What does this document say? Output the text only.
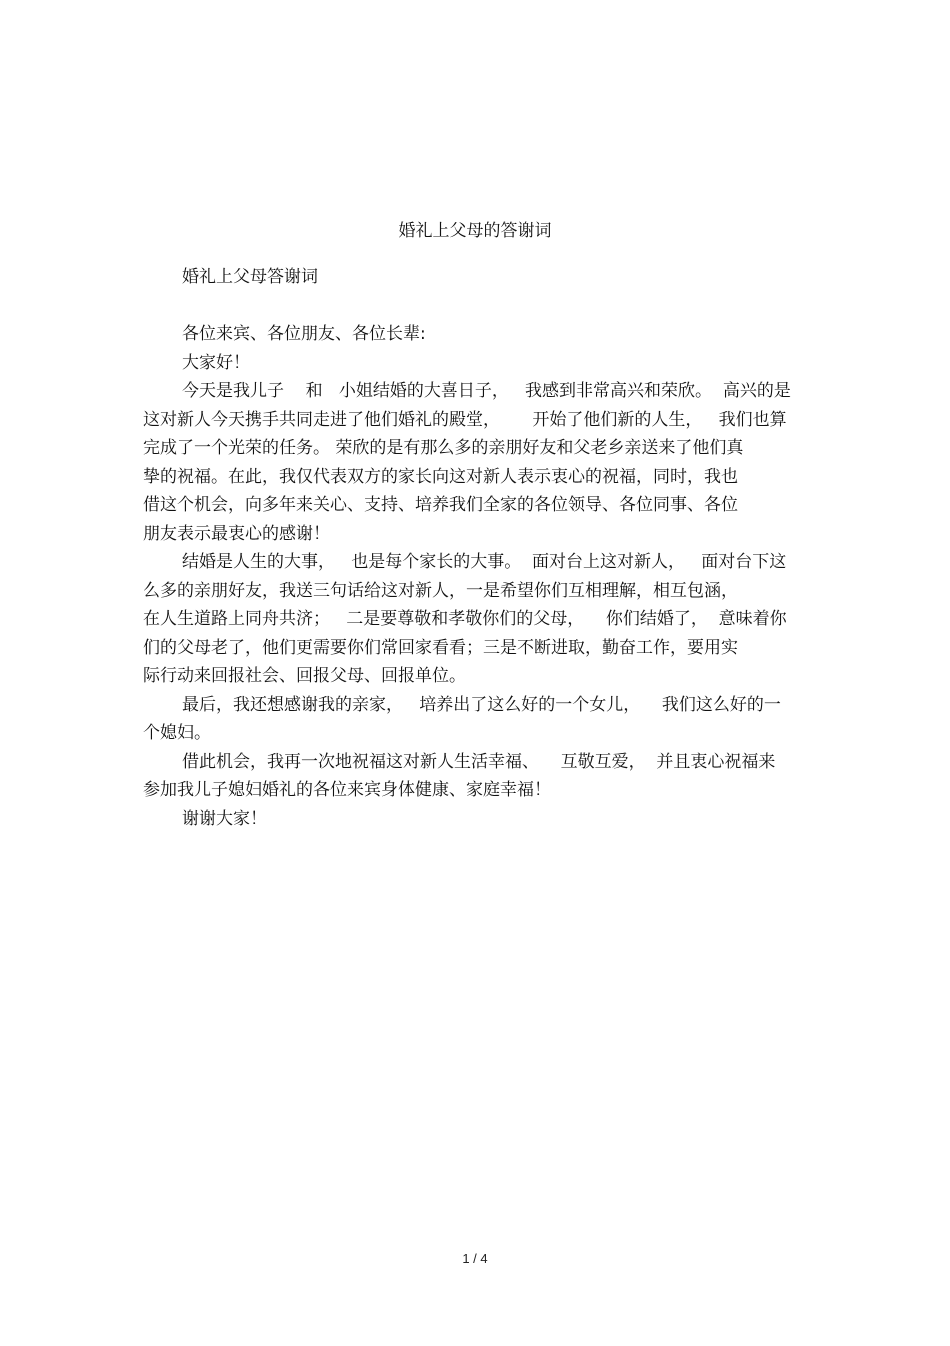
婚礼上父母的答谢词
婚礼上父母答谢词
各位来宾、各位朋友、各位长辈:
大家好！
今天是我儿子    和   小姐结婚的大喜日子，   我感到非常高兴和荣欣。  高兴的是
这对新人今天携手共同走进了他们婚礼的殿堂，      开始了他们新的人生，   我们也算
完成了一个光荣的任务。 荣欣的是有那么多的亲朋好友和父老乡亲送来了他们真
挚的祝福。在此，我仅代表双方的家长向这对新人表示衷心的祝福，同时，我也
借这个机会，向多年来关心、支持、培养我们全家的各位领导、各位同事、各位
朋友表示最衷心的感谢！
结婚是人生的大事，   也是每个家长的大事。  面对台上这对新人，   面对台下这
么多的亲朋好友，我送三句话给这对新人，一是希望你们互相理解，相互包涵，
在人生道路上同舟共济；   二是要尊敬和孝敬你们的父母，    你们结婚了，  意味着你
们的父母老了，他们更需要你们常回家看看；三是不断进取，勤奋工作，要用实
际行动来回报社会、回报父母、回报单位。
最后，我还想感谢我的亲家，   培养出了这么好的一个女儿，    我们这么好的一
个媳妇。
借此机会，我再一次地祝福这对新人生活幸福、    互敬互爱，  并且衷心祝福来
参加我儿子媳妇婚礼的各位来宾身体健康、家庭幸福！
谢谢大家！
1 / 4
